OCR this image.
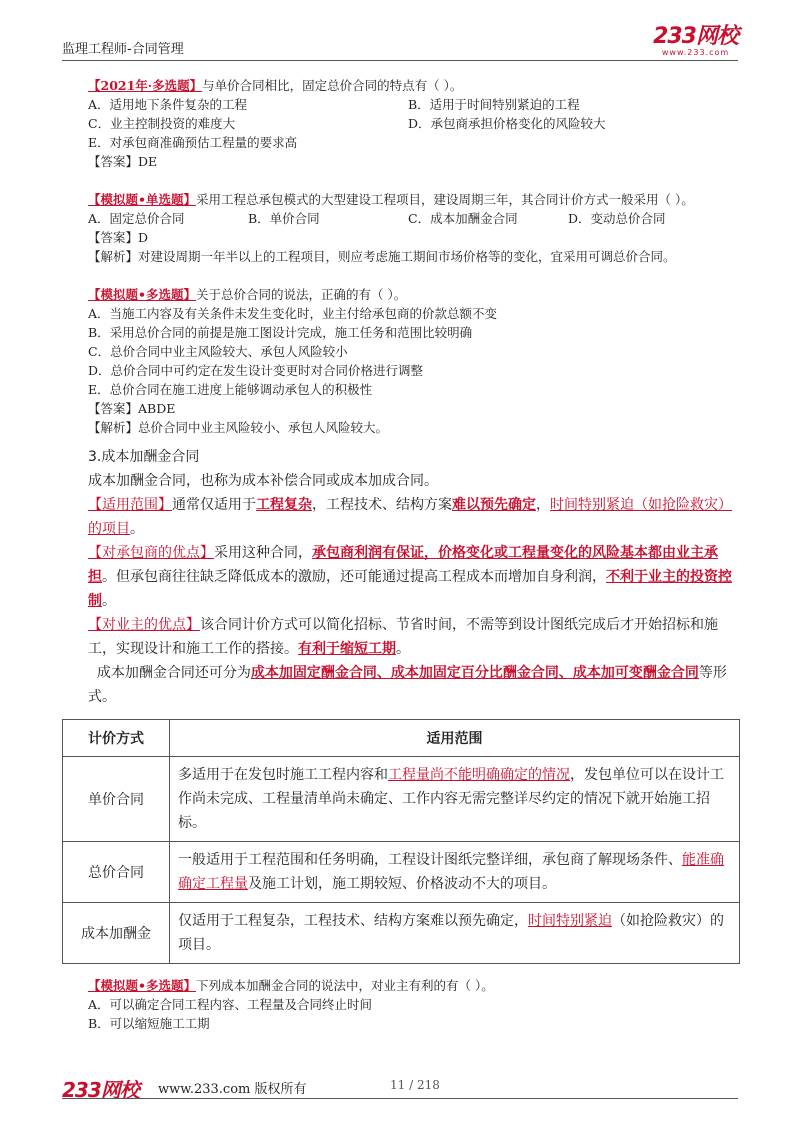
监理工程师-合同管理
233网校
www.233.com
【2021年·多选题】与单价合同相比，固定总价合同的特点有（ ）。
A．适用地下条件复杂的工程	B．适用于时间特别紧迫的工程
C．业主控制投资的难度大	D．承包商承担价格变化的风险较大
E．对承包商准确预估工程量的要求高
【答案】DE
【模拟题•单选题】采用工程总承包模式的大型建设工程项目，建设周期三年，其合同计价方式一般采用（ ）。
A．固定总价合同	B．单价合同	C．成本加酬金合同	D．变动总价合同
【答案】D
【解析】对建设周期一年半以上的工程项目，则应考虑施工期间市场价格等的变化，宜采用可调总价合同。
【模拟题•多选题】关于总价合同的说法，正确的有（ ）。
A．当施工内容及有关条件未发生变化时，业主付给承包商的价款总额不变
B．采用总价合同的前提是施工图设计完成，施工任务和范围比较明确
C．总价合同中业主风险较大、承包人风险较小
D．总价合同中可约定在发生设计变更时对合同价格进行调整
E．总价合同在施工进度上能够调动承包人的积极性
【答案】ABDE
【解析】总价合同中业主风险较小、承包人风险较大。
3.成本加酬金合同
成本加酬金合同，也称为成本补偿合同或成本加成合同。
【适用范围】通常仅适用于工程复杂，工程技术、结构方案难以预先确定，时间特别紧迫（如抢险救灾）的项目。
【对承包商的优点】采用这种合同，承包商利润有保证，价格变化或工程量变化的风险基本都由业主承担。但承包商往往缺乏降低成本的激励，还可能通过提高工程成本而增加自身利润，不利于业主的投资控制。
【对业主的优点】该合同计价方式可以简化招标、节省时间，不需等到设计图纸完成后才开始招标和施工，实现设计和施工工作的搭接。有利于缩短工期。
成本加酬金合同还可分为成本加固定酬金合同、成本加固定百分比酬金合同、成本加可变酬金合同等形式。
计价方式	适用范围
单价合同	多适用于在发包时施工工程内容和工程量尚不能明确确定的情况，发包单位可以在设计工作尚未完成、工程量清单尚未确定、工作内容无需完整详尽约定的情况下就开始施工招标。
总价合同	一般适用于工程范围和任务明确，工程设计图纸完整详细，承包商了解现场条件、能准确确定工程量及施工计划，施工期较短、价格波动不大的项目。
成本加酬金	仅适用于工程复杂，工程技术、结构方案难以预先确定，时间特别紧迫（如抢险救灾）的项目。
【模拟题•多选题】下列成本加酬金合同的说法中，对业主有利的有（ ）。
A．可以确定合同工程内容、工程量及合同终止时间
B．可以缩短施工工期
233网校 www.233.com 版权所有	11 / 218
